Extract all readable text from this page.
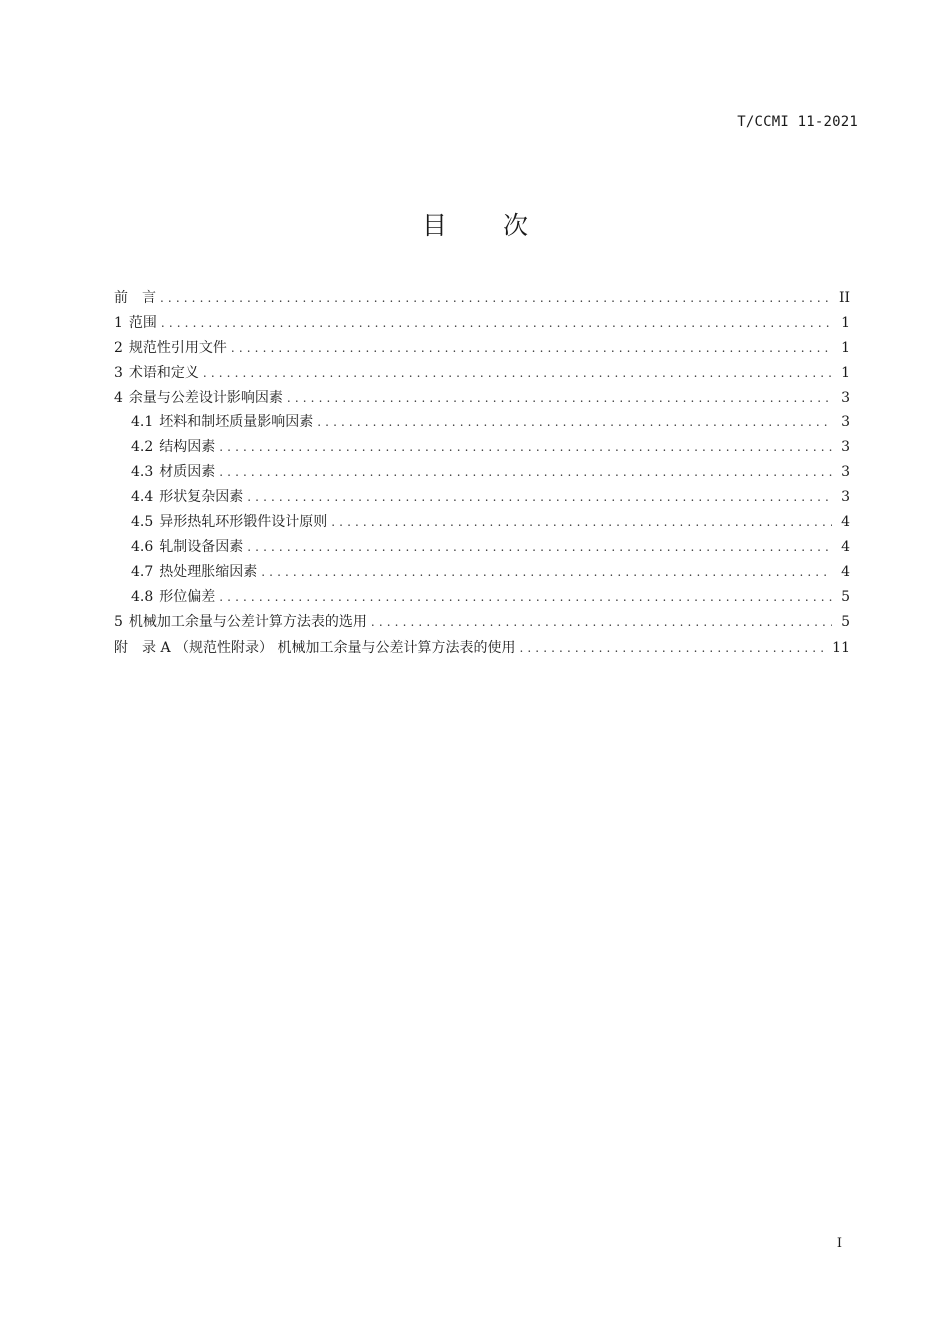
T/CCMI 11-2021
目 次
前　言 .....	II
1 范围 .....	1
2 规范性引用文件 .....	1
3 术语和定义 .....	1
4 余量与公差设计影响因素 .....	3
4.1 坯料和制坯质量影响因素 .....	3
4.2 结构因素 .....	3
4.3 材质因素 .....	3
4.4 形状复杂因素 .....	3
4.5 异形热轧环形锻件设计原则 .....	4
4.6 轧制设备因素 .....	4
4.7 热处理胀缩因素 .....	4
4.8 形位偏差 .....	5
5 机械加工余量与公差计算方法表的选用 .....	5
附　录 A （规范性附录） 机械加工余量与公差计算方法表的使用 .....	11
I
